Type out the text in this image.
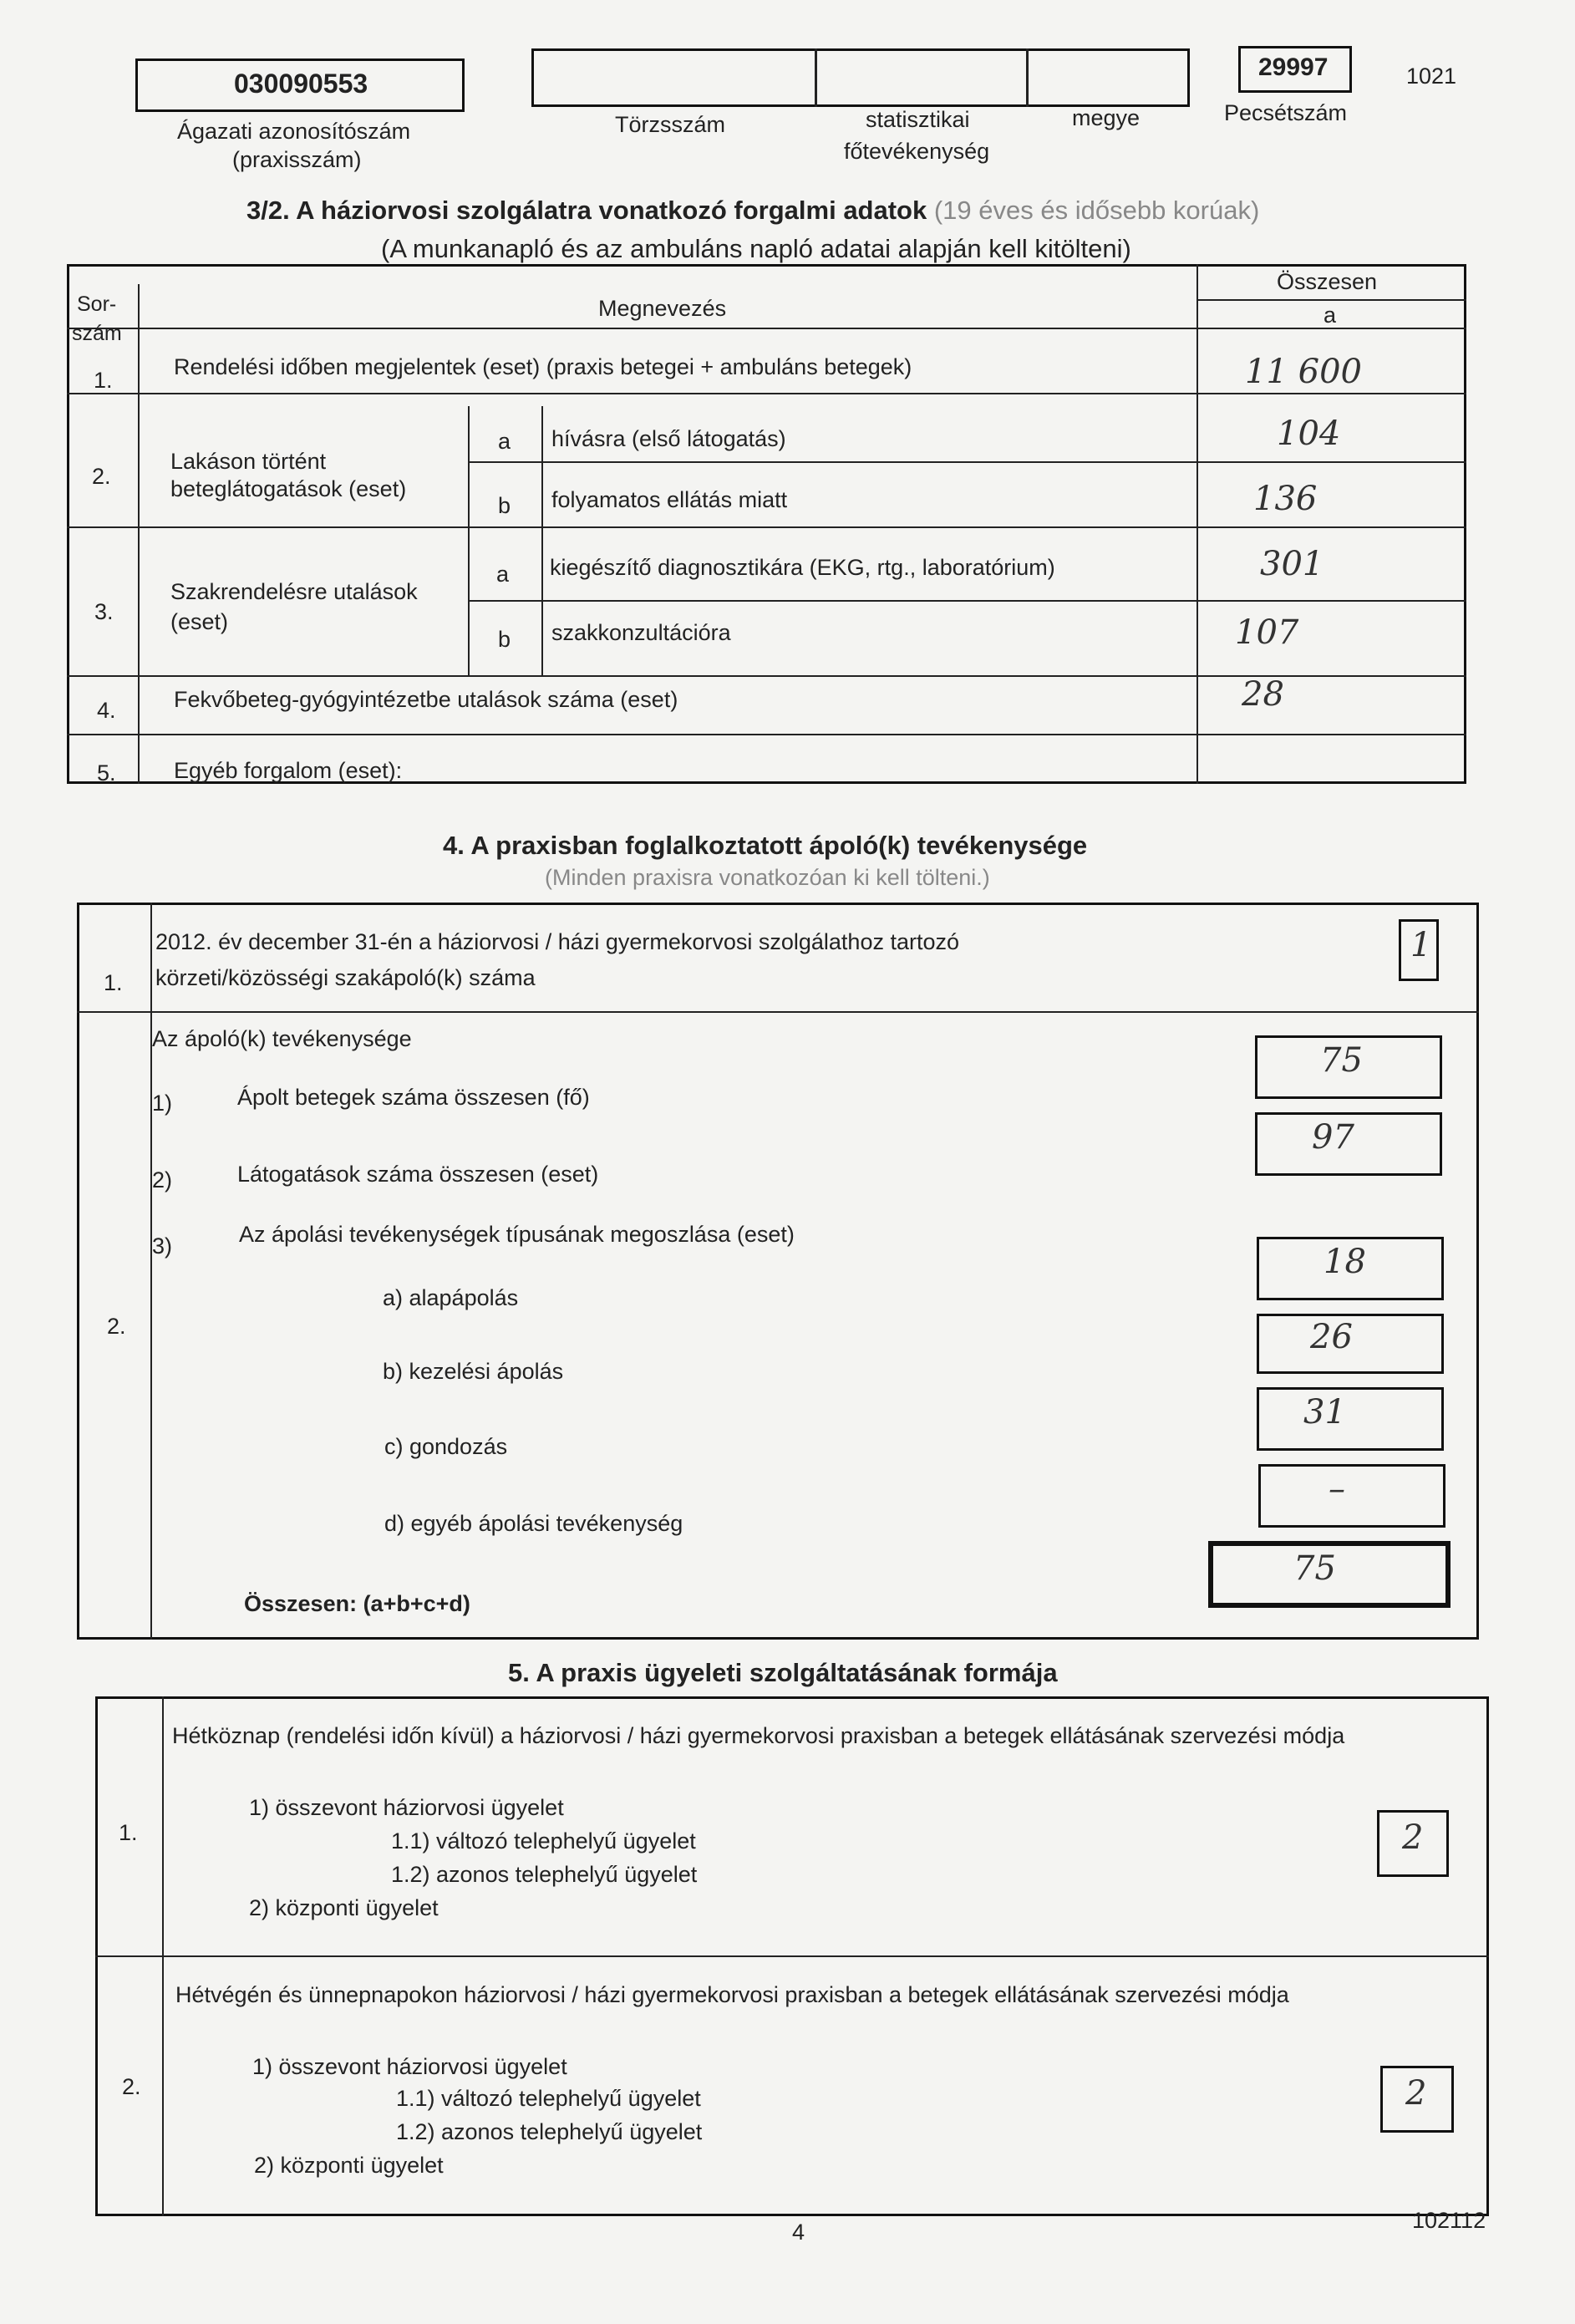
030090553
Ágazati azonosítószám
(praxisszám)
Törzsszám	statisztikai
főtevékenység
megye
29997
Pecsétszám
1021
3/2. A háziorvosi szolgálatra vonatkozó forgalmi adatok (19 éves és idősebb korúak)
(A munkanapló és az ambuláns napló adatai alapján kell kitölteni)
Sor-
szám
Megnevezés
Összesen
a
1.
Rendelési időben megjelentek (eset) (praxis betegei + ambuláns betegek)	11 600
2.
Lakáson történt
beteglátogatások (eset)
a hívásra (első látogatás)	104
b folyamatos ellátás miatt	136
3.
Szakrendelésre utalások
(eset)
a kiegészítő diagnosztikára (EKG, rtg., laboratórium)	301
b szakkonzultációra	107
4.	Fekvőbeteg-gyógyintézetbe utalások száma (eset)	28
5.	Egyéb forgalom (eset):
4. A praxisban foglalkoztatott ápoló(k) tevékenysége
(Minden praxisra vonatkozóan ki kell tölteni.)
1.
2012. év december 31-én a háziorvosi / házi gyermekorvosi szolgálathoz tartozó
körzeti/közösségi szakápoló(k) száma
1
2.
Az ápoló(k) tevékenysége
1)	Ápolt betegek száma összesen (fő)
75
2)	Látogatások száma összesen (eset)
97
3)	Az ápolási tevékenységek típusának megoszlása (eset)
a) alapápolás
18
b) kezelési ápolás
26
c) gondozás
31
d) egyéb ápolási tevékenység
–
Összesen: (a+b+c+d)
75
5. A praxis ügyeleti szolgáltatásának formája
1.
Hétköznap (rendelési időn kívül) a háziorvosi / házi gyermekorvosi praxisban a betegek ellátásának szervezési módja
1) összevont háziorvosi ügyelet
1.1) változó telephelyű ügyelet
1.2) azonos telephelyű ügyelet
2) központi ügyelet
2
2.
Hétvégén és ünnepnapokon háziorvosi / házi gyermekorvosi praxisban a betegek ellátásának szervezési módja
1) összevont háziorvosi ügyelet
1.1) változó telephelyű ügyelet
1.2) azonos telephelyű ügyelet
2) központi ügyelet
2
4	102112
